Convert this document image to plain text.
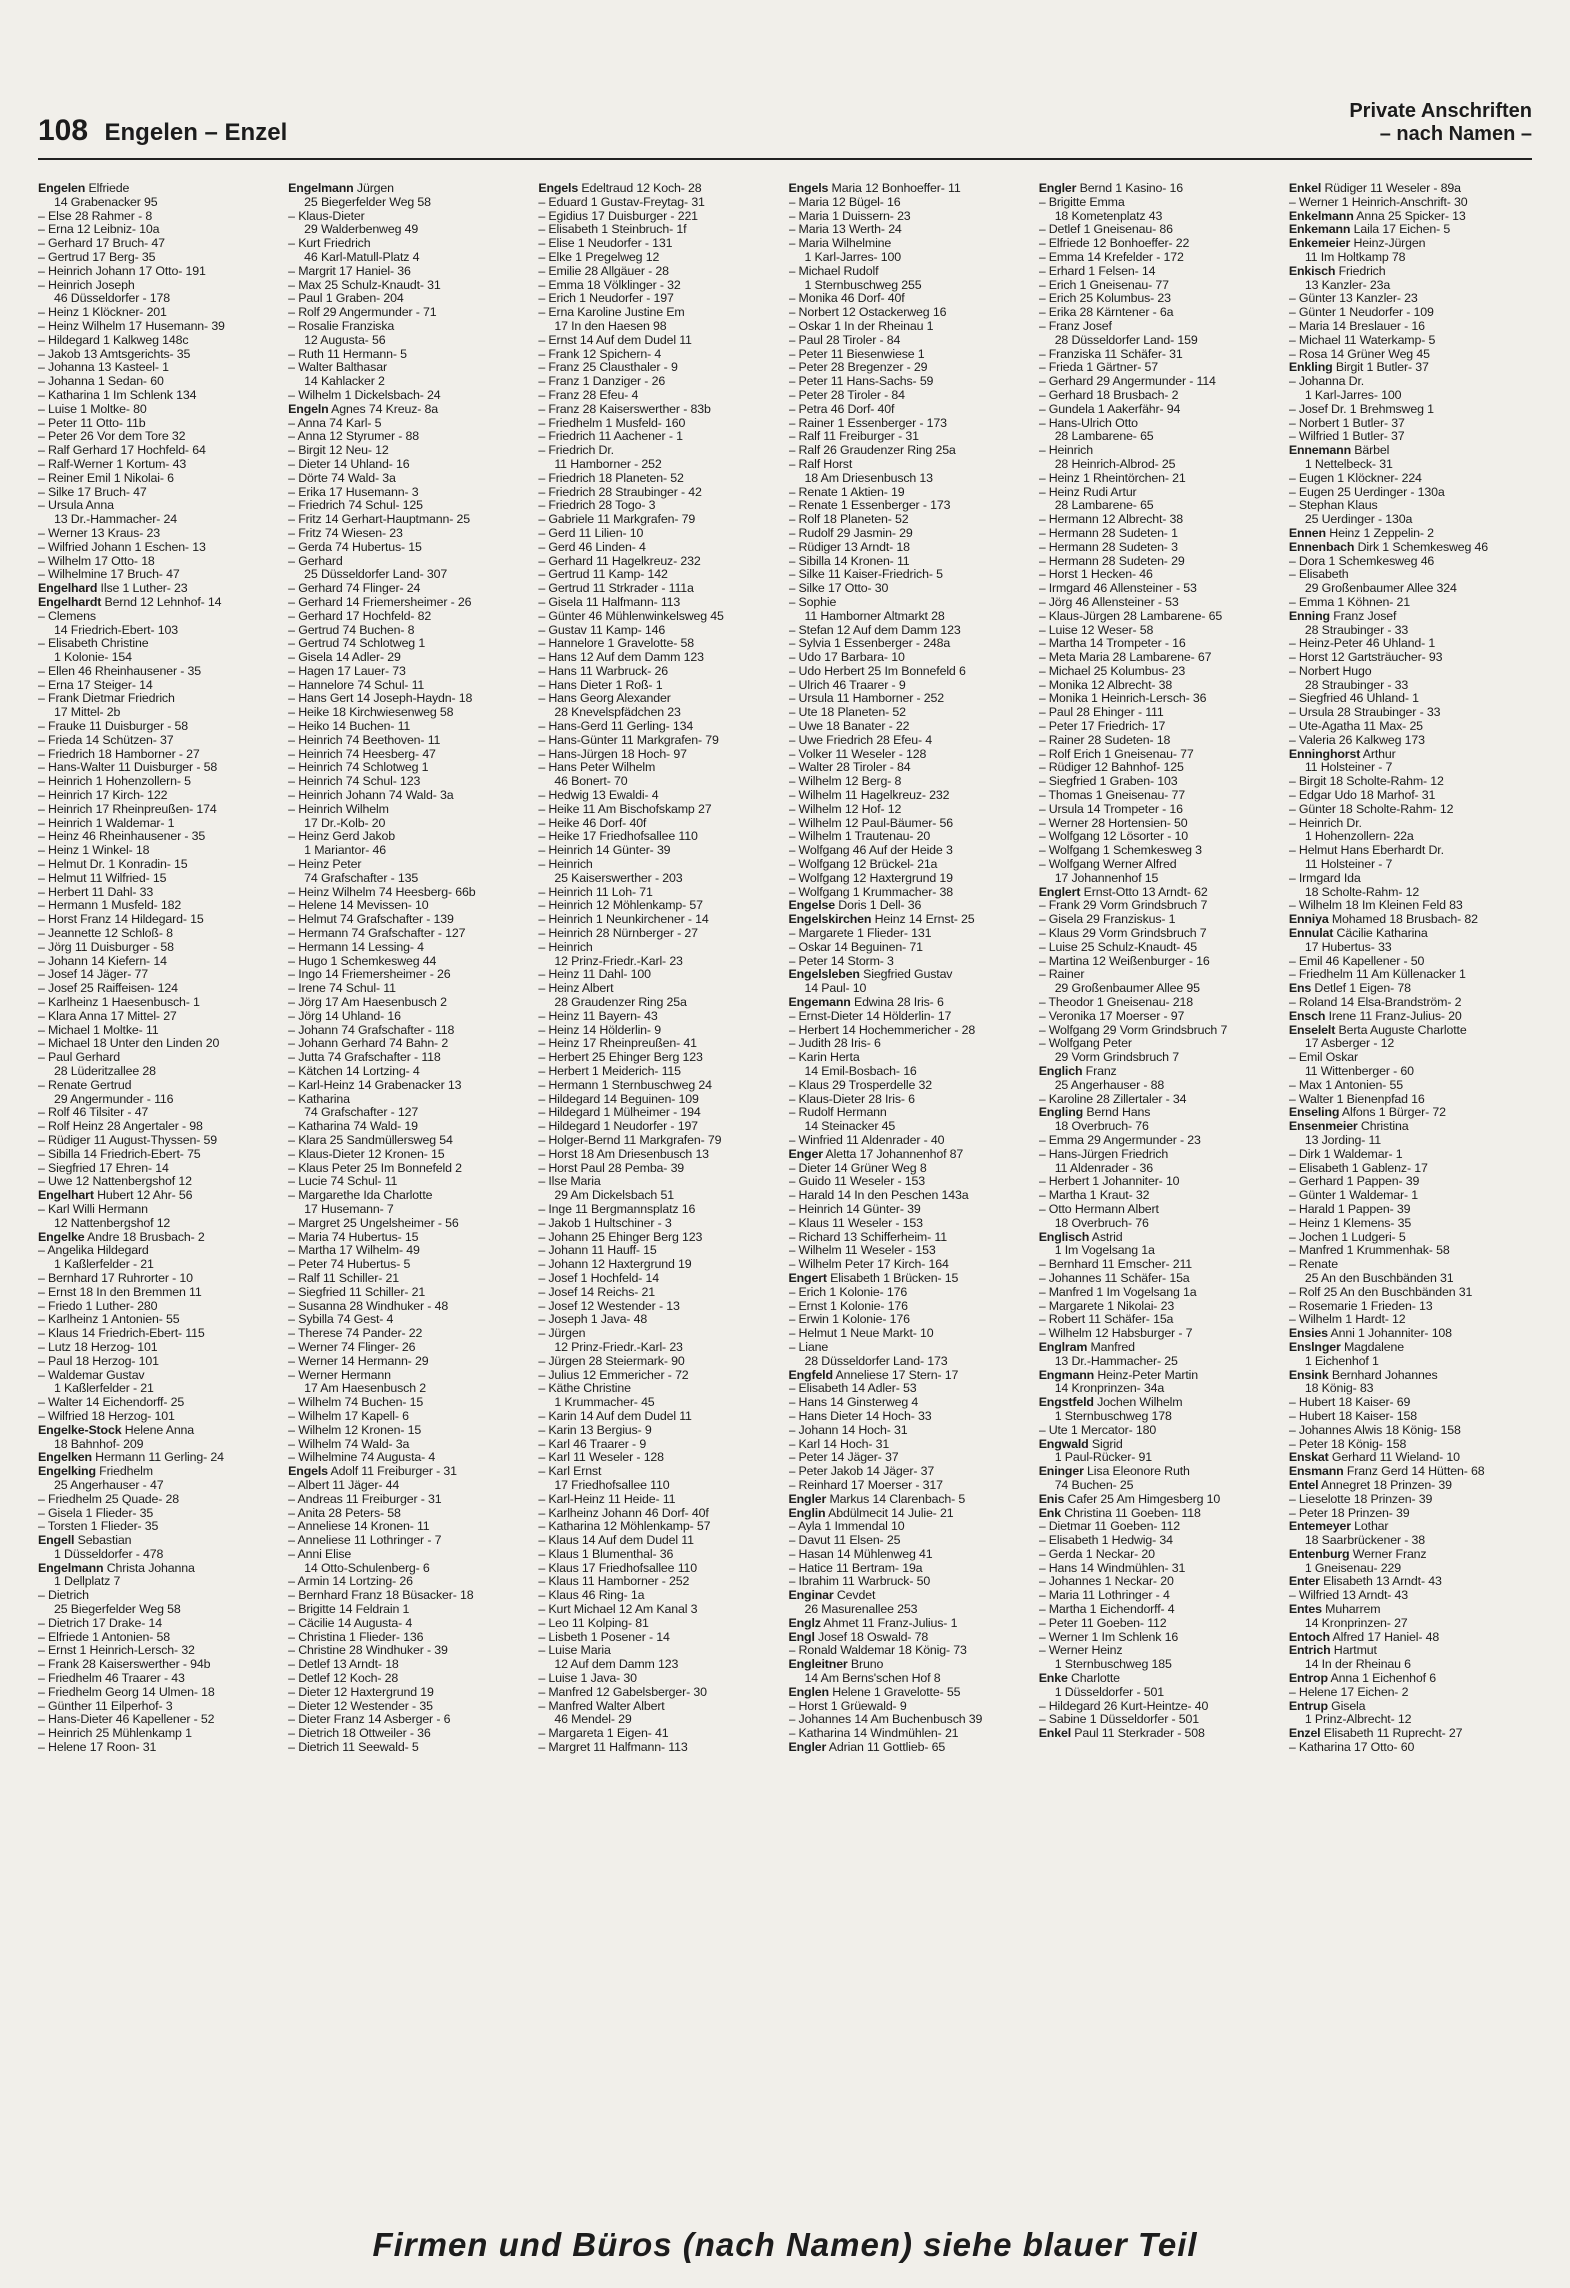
108 Engelen – Enzel
Private Anschriften
– nach Namen –
Engelen Elfriede
14 Grabenacker 95
– Else 28 Rahmer - 8
– Erna 12 Leibniz- 10a
– Gerhard 17 Bruch- 47
– Gertrud 17 Berg- 35
– Heinrich Johann 17 Otto- 191
– Heinrich Joseph
46 Düsseldorfer - 178
– Heinz 1 Klöckner- 201
– Heinz Wilhelm 17 Husemann- 39
– Hildegard 1 Kalkweg 148c
– Jakob 13 Amtsgerichts- 35
– Johanna 13 Kasteel- 1
– Johanna 1 Sedan- 60
– Katharina 1 Im Schlenk 134
– Luise 1 Moltke- 80
– Peter 11 Otto- 11b
– Peter 26 Vor dem Tore 32
– Ralf Gerhard 17 Hochfeld- 64
– Ralf-Werner 1 Kortum- 43
– Reiner Emil 1 Nikolai- 6
– Silke 17 Bruch- 47
– Ursula Anna
13 Dr.-Hammacher- 24
– Werner 13 Kraus- 23
– Wilfried Johann 1 Eschen- 13
– Wilhelm 17 Otto- 18
– Wilhelmine 17 Bruch- 47
Engelhard Ilse 1 Luther- 23
Engelhardt Bernd 12 Lehnhof- 14
– Clemens
14 Friedrich-Ebert- 103
– Elisabeth Christine
1 Kolonie- 154
– Ellen 46 Rheinhausener - 35
– Erna 17 Steiger- 14
– Frank Dietmar Friedrich
17 Mittel- 2b
– Frauke 11 Duisburger - 58
– Frieda 14 Schützen- 37
– Friedrich 18 Hamborner - 27
– Hans-Walter 11 Duisburger - 58
– Heinrich 1 Hohenzollern- 5
– Heinrich 17 Kirch- 122
– Heinrich 17 Rheinpreußen- 174
– Heinrich 1 Waldemar- 1
– Heinz 46 Rheinhausener - 35
– Heinz 1 Winkel- 18
– Helmut Dr. 1 Konradin- 15
– Helmut 11 Wilfried- 15
– Herbert 11 Dahl- 33
– Hermann 1 Musfeld- 182
– Horst Franz 14 Hildegard- 15
– Jeannette 12 Schloß- 8
– Jörg 11 Duisburger - 58
– Johann 14 Kiefern- 14
– Josef 14 Jäger- 77
– Josef 25 Raiffeisen- 124
– Karlheinz 1 Haesenbusch- 1
– Klara Anna 17 Mittel- 27
– Michael 1 Moltke- 11
– Michael 18 Unter den Linden 20
– Paul Gerhard
28 Lüderitzallee 28
– Renate Gertrud
29 Angermunder - 116
– Rolf 46 Tilsiter - 47
– Rolf Heinz 28 Angertaler - 98
– Rüdiger 11 August-Thyssen- 59
– Sibilla 14 Friedrich-Ebert- 75
– Siegfried 17 Ehren- 14
– Uwe 12 Nattenbergshof 12
Engelhart Hubert 12 Ahr- 56
– Karl Willi Hermann
12 Nattenbergshof 12
Engelke Andre 18 Brusbach- 2
– Angelika Hildegard
1 Kaßlerfelder - 21
– Bernhard 17 Ruhrorter - 10
– Ernst 18 In den Bremmen 11
– Friedo 1 Luther- 280
– Karlheinz 1 Antonien- 55
– Klaus 14 Friedrich-Ebert- 115
– Lutz 18 Herzog- 101
– Paul 18 Herzog- 101
– Waldemar Gustav
1 Kaßlerfelder - 21
– Walter 14 Eichendorff- 25
– Wilfried 18 Herzog- 101
Engelke-Stock Helene Anna
18 Bahnhof- 209
Engelken Hermann 11 Gerling- 24
Engelking Friedhelm
25 Angerhauser - 47
– Friedhelm 25 Quade- 28
– Gisela 1 Flieder- 35
– Torsten 1 Flieder- 35
Engell Sebastian
1 Düsseldorfer - 478
Engelmann Christa Johanna
1 Dellplatz 7
– Dietrich
25 Biegerfelder Weg 58
– Dietrich 17 Drake- 14
– Elfriede 1 Antonien- 58
– Ernst 1 Heinrich-Lersch- 32
– Frank 28 Kaiserswerther - 94b
– Friedhelm 46 Traarer - 43
– Friedhelm Georg 14 Ulmen- 18
– Günther 11 Eilperhof- 3
– Hans-Dieter 46 Kapellener - 52
– Heinrich 25 Mühlenkamp 1
– Helene 17 Roon- 31
Engelmann Jürgen
25 Biegerfelder Weg 58
– Klaus-Dieter
29 Walderbenweg 49
– Kurt Friedrich
46 Karl-Matull-Platz 4
– Margrit 17 Haniel- 36
– Max 25 Schulz-Knaudt- 31
– Paul 1 Graben- 204
– Rolf 29 Angermunder - 71
– Rosalie Franziska
12 Augusta- 56
– Ruth 11 Hermann- 5
– Walter Balthasar
14 Kahlacker 2
– Wilhelm 1 Dickelsbach- 24
Engeln Agnes 74 Kreuz- 8a
– Anna 74 Karl- 5
– Anna 12 Styrumer - 88
– Birgit 12 Neu- 12
– Dieter 14 Uhland- 16
– Dörte 74 Wald- 3a
– Erika 17 Husemann- 3
– Friedrich 74 Schul- 125
– Fritz 14 Gerhart-Hauptmann- 25
– Fritz 74 Wiesen- 23
– Gerda 74 Hubertus- 15
– Gerhard
25 Düsseldorfer Land- 307
– Gerhard 74 Flinger- 24
– Gerhard 14 Friemersheimer - 26
– Gerhard 17 Hochfeld- 82
– Gertrud 74 Buchen- 8
– Gertrud 74 Schlotweg 1
– Gisela 14 Adler- 29
– Hagen 17 Lauer- 73
– Hannelore 74 Schul- 11
– Hans Gert 14 Joseph-Haydn- 18
– Heike 18 Kirchwiesenweg 58
– Heiko 14 Buchen- 11
– Heinrich 74 Beethoven- 11
– Heinrich 74 Heesberg- 47
– Heinrich 74 Schlotweg 1
– Heinrich 74 Schul- 123
– Heinrich Johann 74 Wald- 3a
– Heinrich Wilhelm
17 Dr.-Kolb- 20
– Heinz Gerd Jakob
1 Mariantor- 46
– Heinz Peter
74 Grafschafter - 135
– Heinz Wilhelm 74 Heesberg- 66b
– Helene 14 Mevissen- 10
– Helmut 74 Grafschafter - 139
– Hermann 74 Grafschafter - 127
– Hermann 14 Lessing- 4
– Hugo 1 Schemkesweg 44
– Ingo 14 Friemersheimer - 26
– Irene 74 Schul- 11
– Jörg 17 Am Haesenbusch 2
– Jörg 14 Uhland- 16
– Johann 74 Grafschafter - 118
– Johann Gerhard 74 Bahn- 2
– Jutta 74 Grafschafter - 118
– Kätchen 14 Lortzing- 4
– Karl-Heinz 14 Grabenacker 13
– Katharina
74 Grafschafter - 127
– Katharina 74 Wald- 19
– Klara 25 Sandmüllersweg 54
– Klaus-Dieter 12 Kronen- 15
– Klaus Peter 25 Im Bonnefeld 2
– Lucie 74 Schul- 11
– Margarethe Ida Charlotte
17 Husemann- 7
– Margret 25 Ungelsheimer - 56
– Maria 74 Hubertus- 15
– Martha 17 Wilhelm- 49
– Peter 74 Hubertus- 5
– Ralf 11 Schiller- 21
– Siegfried 11 Schiller- 21
– Susanna 28 Windhuker - 48
– Sybilla 74 Gest- 4
– Therese 74 Pander- 22
– Werner 74 Flinger- 26
– Werner 14 Hermann- 29
– Werner Hermann
17 Am Haesenbusch 2
– Wilhelm 74 Buchen- 15
– Wilhelm 17 Kapell- 6
– Wilhelm 12 Kronen- 15
– Wilhelm 74 Wald- 3a
– Wilhelmine 74 Augusta- 4
Engels Adolf 11 Freiburger - 31
– Albert 11 Jäger- 44
– Andreas 11 Freiburger - 31
– Anita 28 Peters- 58
– Anneliese 14 Kronen- 11
– Anneliese 11 Lothringer - 7
– Anni Elise
14 Otto-Schulenberg- 6
– Armin 14 Lortzing- 26
– Bernhard Franz 18 Büsacker- 18
– Brigitte 14 Feldrain 1
– Cäcilie 14 Augusta- 4
– Christina 1 Flieder- 136
– Christine 28 Windhuker - 39
– Detlef 13 Arndt- 18
– Detlef 12 Koch- 28
– Dieter 12 Haxtergrund 19
– Dieter 12 Westender - 35
– Dieter Franz 14 Asberger - 6
– Dietrich 18 Ottweiler - 36
– Dietrich 11 Seewald- 5
Engels Edeltraud 12 Koch- 28
– Eduard 1 Gustav-Freytag- 31
– Egidius 17 Duisburger - 221
– Elisabeth 1 Steinbruch- 1f
– Elise 1 Neudorfer - 131
– Elke 1 Pregelweg 12
– Emilie 28 Allgäuer - 28
– Emma 18 Völklinger - 32
– Erich 1 Neudorfer - 197
– Erna Karoline Justine Em
17 In den Haesen 98
– Ernst 14 Auf dem Dudel 11
– Frank 12 Spichern- 4
– Franz 25 Clausthaler - 9
– Franz 1 Danziger - 26
– Franz 28 Efeu- 4
– Franz 28 Kaiserswerther - 83b
– Friedhelm 1 Musfeld- 160
– Friedrich 11 Aachener - 1
– Friedrich Dr.
11 Hamborner - 252
– Friedrich 18 Planeten- 52
– Friedrich 28 Straubinger - 42
– Friedrich 28 Togo- 3
– Gabriele 11 Markgrafen- 79
– Gerd 11 Lilien- 10
– Gerd 46 Linden- 4
– Gerhard 11 Hagelkreuz- 232
– Gertrud 11 Kamp- 142
– Gertrud 11 Strkrader - 111a
– Gisela 11 Halfmann- 113
– Günter 46 Mühlenwinkelsweg 45
– Gustav 11 Kamp- 146
– Hannelore 1 Gravelotte- 58
– Hans 12 Auf dem Damm 123
– Hans 11 Warbruck- 26
– Hans Dieter 1 Roß- 1
– Hans Georg Alexander
28 Knevelspfädchen 23
– Hans-Gerd 11 Gerling- 134
– Hans-Günter 11 Markgrafen- 79
– Hans-Jürgen 18 Hoch- 97
– Hans Peter Wilhelm
46 Bonert- 70
– Hedwig 13 Ewaldi- 4
– Heike 11 Am Bischofskamp 27
– Heike 46 Dorf- 40f
– Heike 17 Friedhofsallee 110
– Heinrich 14 Günter- 39
– Heinrich
25 Kaiserswerther - 203
– Heinrich 11 Loh- 71
– Heinrich 12 Möhlenkamp- 57
– Heinrich 1 Neunkirchener - 14
– Heinrich 28 Nürnberger - 27
– Heinrich
12 Prinz-Friedr.-Karl- 23
– Heinz 11 Dahl- 100
– Heinz Albert
28 Graudenzer Ring 25a
– Heinz 11 Bayern- 43
– Heinz 14 Hölderlin- 9
– Heinz 17 Rheinpreußen- 41
– Herbert 25 Ehinger Berg 123
– Herbert 1 Meiderich- 115
– Hermann 1 Sternbuschweg 24
– Hildegard 14 Beguinen- 109
– Hildegard 1 Mülheimer - 194
– Hildegard 1 Neudorfer - 197
– Holger-Bernd 11 Markgrafen- 79
– Horst 18 Am Driesenbusch 13
– Horst Paul 28 Pemba- 39
– Ilse Maria
29 Am Dickelsbach 51
– Inge 11 Bergmannsplatz 16
– Jakob 1 Hultschiner - 3
– Johann 25 Ehinger Berg 123
– Johann 11 Hauff- 15
– Johann 12 Haxtergrund 19
– Josef 1 Hochfeld- 14
– Josef 14 Reichs- 21
– Josef 12 Westender - 13
– Joseph 1 Java- 48
– Jürgen
12 Prinz-Friedr.-Karl- 23
– Jürgen 28 Steiermark- 90
– Julius 12 Emmericher - 72
– Käthe Christine
1 Krummacher- 45
– Karin 14 Auf dem Dudel 11
– Karin 13 Bergius- 9
– Karl 46 Traarer - 9
– Karl 11 Weseler - 128
– Karl Ernst
17 Friedhofsallee 110
– Karl-Heinz 11 Heide- 11
– Karlheinz Johann 46 Dorf- 40f
– Katharina 12 Möhlenkamp- 57
– Klaus 14 Auf dem Dudel 11
– Klaus 1 Blumenthal- 36
– Klaus 17 Friedhofsallee 110
– Klaus 11 Hamborner - 252
– Klaus 46 Ring- 1a
– Kurt Michael 12 Am Kanal 3
– Leo 11 Kolping- 81
– Lisbeth 1 Posener - 14
– Luise Maria
12 Auf dem Damm 123
– Luise 1 Java- 30
– Manfred 12 Gabelsberger- 30
– Manfred Walter Albert
46 Mendel- 29
– Margareta 1 Eigen- 41
– Margret 11 Halfmann- 113
Engels Maria 12 Bonhoeffer- 11
– Maria 12 Bügel- 16
– Maria 1 Duissern- 23
– Maria 13 Werth- 24
– Maria Wilhelmine
1 Karl-Jarres- 100
– Michael Rudolf
1 Sternbuschweg 255
– Monika 46 Dorf- 40f
– Norbert 12 Ostackerweg 16
– Oskar 1 In der Rheinau 1
– Paul 28 Tiroler - 84
– Peter 11 Biesenwiese 1
– Peter 28 Bregenzer - 29
– Peter 11 Hans-Sachs- 59
– Peter 28 Tiroler - 84
– Petra 46 Dorf- 40f
– Rainer 1 Essenberger - 173
– Ralf 11 Freiburger - 31
– Ralf 26 Graudenzer Ring 25a
– Ralf Horst
18 Am Driesenbusch 13
– Renate 1 Aktien- 19
– Renate 1 Essenberger - 173
– Rolf 18 Planeten- 52
– Rudolf 29 Jasmin- 29
– Rüdiger 13 Arndt- 18
– Sibilla 14 Kronen- 11
– Silke 11 Kaiser-Friedrich- 5
– Silke 17 Otto- 30
– Sophie
11 Hamborner Altmarkt 28
– Stefan 12 Auf dem Damm 123
– Sylvia 1 Essenberger - 248a
– Udo 17 Barbara- 10
– Udo Herbert 25 Im Bonnefeld 6
– Ulrich 46 Traarer - 9
– Ursula 11 Hamborner - 252
– Ute 18 Planeten- 52
– Uwe 18 Banater - 22
– Uwe Friedrich 28 Efeu- 4
– Volker 11 Weseler - 128
– Walter 28 Tiroler - 84
– Wilhelm 12 Berg- 8
– Wilhelm 11 Hagelkreuz- 232
– Wilhelm 12 Hof- 12
– Wilhelm 12 Paul-Bäumer- 56
– Wilhelm 1 Trautenau- 20
– Wolfgang 46 Auf der Heide 3
– Wolfgang 12 Brückel- 21a
– Wolfgang 12 Haxtergrund 19
– Wolfgang 1 Krummacher- 38
Engelse Doris 1 Dell- 36
Engelskirchen Heinz 14 Ernst- 25
– Margarete 1 Flieder- 131
– Oskar 14 Beguinen- 71
– Peter 14 Storm- 3
Engelsleben Siegfried Gustav
14 Paul- 10
Engemann Edwina 28 Iris- 6
– Ernst-Dieter 14 Hölderlin- 17
– Herbert 14 Hochemmericher - 28
– Judith 28 Iris- 6
– Karin Herta
14 Emil-Bosbach- 16
– Klaus 29 Trosperdelle 32
– Klaus-Dieter 28 Iris- 6
– Rudolf Hermann
14 Steinacker 45
– Winfried 11 Aldenrader - 40
Enger Aletta 17 Johannenhof 87
– Dieter 14 Grüner Weg 8
– Guido 11 Weseler - 153
– Harald 14 In den Peschen 143a
– Heinrich 14 Günter- 39
– Klaus 11 Weseler - 153
– Richard 13 Schifferheim- 11
– Wilhelm 11 Weseler - 153
– Wilhelm Peter 17 Kirch- 164
Engert Elisabeth 1 Brücken- 15
– Erich 1 Kolonie- 176
– Ernst 1 Kolonie- 176
– Erwin 1 Kolonie- 176
– Helmut 1 Neue Markt- 10
– Liane
28 Düsseldorfer Land- 173
Engfeld Anneliese 17 Stern- 17
– Elisabeth 14 Adler- 53
– Hans 14 Ginsterweg 4
– Hans Dieter 14 Hoch- 33
– Johann 14 Hoch- 31
– Karl 14 Hoch- 31
– Peter 14 Jäger- 37
– Peter Jakob 14 Jäger- 37
– Reinhard 17 Moerser - 317
Engler Markus 14 Clarenbach- 5
Englin Abdülmecit 14 Julie- 21
– Ayla 1 Immendal 10
– Davut 11 Elsen- 25
– Hasan 14 Mühlenweg 41
– Hatice 11 Bertram- 19a
– Ibrahim 11 Warbruck- 50
Enginar Cevdet
26 Masurenallee 253
Englz Ahmet 11 Franz-Julius- 1
Engl Josef 18 Oswald- 78
– Ronald Waldemar 18 König- 73
Engleitner Bruno
14 Am Berns'schen Hof 8
Englen Helene 1 Gravelotte- 55
– Horst 1 Grüewald- 9
– Johannes 14 Am Buchenbusch 39
– Katharina 14 Windmühlen- 21
Engler Adrian 11 Gottlieb- 65
Engler Bernd 1 Kasino- 16
– Brigitte Emma
18 Kometenplatz 43
– Detlef 1 Gneisenau- 86
– Elfriede 12 Bonhoeffer- 22
– Emma 14 Krefelder - 172
– Erhard 1 Felsen- 14
– Erich 1 Gneisenau- 77
– Erich 25 Kolumbus- 23
– Erika 28 Kärntener - 6a
– Franz Josef
28 Düsseldorfer Land- 159
– Franziska 11 Schäfer- 31
– Frieda 1 Gärtner- 57
– Gerhard 29 Angermunder - 114
– Gerhard 18 Brusbach- 2
– Gundela 1 Aakerfähr- 94
– Hans-Ulrich Otto
28 Lambarene- 65
– Heinrich
28 Heinrich-Albrod- 25
– Heinz 1 Rheintörchen- 21
– Heinz Rudi Artur
28 Lambarene- 65
– Hermann 12 Albrecht- 38
– Hermann 28 Sudeten- 1
– Hermann 28 Sudeten- 3
– Hermann 28 Sudeten- 29
– Horst 1 Hecken- 46
– Irmgard 46 Allensteiner - 53
– Jörg 46 Allensteiner - 53
– Klaus-Jürgen 28 Lambarene- 65
– Luise 12 Weser- 58
– Martha 14 Trompeter - 16
– Meta Maria 28 Lambarene- 67
– Michael 25 Kolumbus- 23
– Monika 12 Albrecht- 38
– Monika 1 Heinrich-Lersch- 36
– Paul 28 Ehinger - 111
– Peter 17 Friedrich- 17
– Rainer 28 Sudeten- 18
– Rolf Erich 1 Gneisenau- 77
– Rüdiger 12 Bahnhof- 125
– Siegfried 1 Graben- 103
– Thomas 1 Gneisenau- 77
– Ursula 14 Trompeter - 16
– Werner 28 Hortensien- 50
– Wolfgang 12 Lösorter - 10
– Wolfgang 1 Schemkesweg 3
– Wolfgang Werner Alfred
17 Johannenhof 15
Englert Ernst-Otto 13 Arndt- 62
– Frank 29 Vorm Grindsbruch 7
– Gisela 29 Franziskus- 1
– Klaus 29 Vorm Grindsbruch 7
– Luise 25 Schulz-Knaudt- 45
– Martina 12 Weißenburger - 16
– Rainer
29 Großenbaumer Allee 95
– Theodor 1 Gneisenau- 218
– Veronika 17 Moerser - 97
– Wolfgang 29 Vorm Grindsbruch 7
– Wolfgang Peter
29 Vorm Grindsbruch 7
Englich Franz
25 Angerhauser - 88
– Karoline 28 Zillertaler - 34
Engling Bernd Hans
18 Overbruch- 76
– Emma 29 Angermunder - 23
– Hans-Jürgen Friedrich
11 Aldenrader - 36
– Herbert 1 Johanniter- 10
– Martha 1 Kraut- 32
– Otto Hermann Albert
18 Overbruch- 76
Englisch Astrid
1 Im Vogelsang 1a
– Bernhard 11 Emscher- 211
– Johannes 11 Schäfer- 15a
– Manfred 1 Im Vogelsang 1a
– Margarete 1 Nikolai- 23
– Robert 11 Schäfer- 15a
– Wilhelm 12 Habsburger - 7
Englram Manfred
13 Dr.-Hammacher- 25
Engmann Heinz-Peter Martin
14 Kronprinzen- 34a
Engstfeld Jochen Wilhelm
1 Sternbuschweg 178
– Ute 1 Mercator- 180
Engwald Sigrid
1 Paul-Rücker- 91
Eninger Lisa Eleonore Ruth
74 Buchen- 25
Enis Cafer 25 Am Himgesberg 10
Enk Christina 11 Goeben- 118
– Dietmar 11 Goeben- 112
– Elisabeth 1 Hedwig- 34
– Gerda 1 Neckar- 20
– Hans 14 Windmühlen- 31
– Johannes 1 Neckar- 20
– Maria 11 Lothringer - 4
– Martha 1 Eichendorff- 4
– Peter 11 Goeben- 112
– Werner 1 Im Schlenk 16
– Werner Heinz
1 Sternbuschweg 185
Enke Charlotte
1 Düsseldorfer - 501
– Hildegard 26 Kurt-Heintze- 40
– Sabine 1 Düsseldorfer - 501
Enkel Paul 11 Sterkrader - 508
Enkel Rüdiger 11 Weseler - 89a
– Werner 1 Heinrich-Anschrift- 30
Enkelmann Anna 25 Spicker- 13
Enkemann Laila 17 Eichen- 5
Enkemeier Heinz-Jürgen
11 Im Holtkamp 78
Enkisch Friedrich
13 Kanzler- 23a
– Günter 13 Kanzler- 23
– Günter 1 Neudorfer - 109
– Maria 14 Breslauer - 16
– Michael 11 Waterkamp- 5
– Rosa 14 Grüner Weg 45
Enkling Birgit 1 Butler- 37
– Johanna Dr.
1 Karl-Jarres- 100
– Josef Dr. 1 Brehmsweg 1
– Norbert 1 Butler- 37
– Wilfried 1 Butler- 37
Ennemann Bärbel
1 Nettelbeck- 31
– Eugen 1 Klöckner- 224
– Eugen 25 Uerdinger - 130a
– Stephan Klaus
25 Uerdinger - 130a
Ennen Heinz 1 Zeppelin- 2
Ennenbach Dirk 1 Schemkesweg 46
– Dora 1 Schemkesweg 46
– Elisabeth
29 Großenbaumer Allee 324
– Emma 1 Köhnen- 21
Enning Franz Josef
28 Straubinger - 33
– Heinz-Peter 46 Uhland- 1
– Horst 12 Gartsträucher- 93
– Norbert Hugo
28 Straubinger - 33
– Siegfried 46 Uhland- 1
– Ursula 28 Straubinger - 33
– Ute-Agatha 11 Max- 25
– Valeria 26 Kalkweg 173
Enninghorst Arthur
11 Holsteiner - 7
– Birgit 18 Scholte-Rahm- 12
– Edgar Udo 18 Marhof- 31
– Günter 18 Scholte-Rahm- 12
– Heinrich Dr.
1 Hohenzollern- 22a
– Helmut Hans Eberhardt Dr.
11 Holsteiner - 7
– Irmgard Ida
18 Scholte-Rahm- 12
– Wilhelm 18 Im Kleinen Feld 83
Enniya Mohamed 18 Brusbach- 82
Ennulat Cäcilie Katharina
17 Hubertus- 33
– Emil 46 Kapellener - 50
– Friedhelm 11 Am Küllenacker 1
Ens Detlef 1 Eigen- 78
– Roland 14 Elsa-Brandström- 2
Ensch Irene 11 Franz-Julius- 20
Enselelt Berta Auguste Charlotte
17 Asberger - 12
– Emil Oskar
11 Wittenberger - 60
– Max 1 Antonien- 55
– Walter 1 Bienenpfad 16
Enseling Alfons 1 Bürger- 72
Ensenmeier Christina
13 Jording- 11
– Dirk 1 Waldemar- 1
– Elisabeth 1 Gablenz- 17
– Gerhard 1 Pappen- 39
– Günter 1 Waldemar- 1
– Harald 1 Pappen- 39
– Heinz 1 Klemens- 35
– Jochen 1 Ludgeri- 5
– Manfred 1 Krummenhak- 58
– Renate
25 An den Buschbänden 31
– Rolf 25 An den Buschbänden 31
– Rosemarie 1 Frieden- 13
– Wilhelm 1 Hardt- 12
Ensies Anni 1 Johanniter- 108
Enslnger Magdalene
1 Eichenhof 1
Ensink Bernhard Johannes
18 König- 83
– Hubert 18 Kaiser- 69
– Hubert 18 Kaiser- 158
– Johannes Alwis 18 König- 158
– Peter 18 König- 158
Enskat Gerhard 11 Wieland- 10
Ensmann Franz Gerd 14 Hütten- 68
Entel Annegret 18 Prinzen- 39
– Lieselotte 18 Prinzen- 39
– Peter 18 Prinzen- 39
Entemeyer Lothar
18 Saarbrückener - 38
Entenburg Werner Franz
1 Gneisenau- 229
Enter Elisabeth 13 Arndt- 43
– Wilfried 13 Arndt- 43
Entes Muharrem
14 Kronprinzen- 27
Entoch Alfred 17 Haniel- 48
Entrich Hartmut
14 In der Rheinau 6
Entrop Anna 1 Eichenhof 6
– Helene 17 Eichen- 2
Entrup Gisela
1 Prinz-Albrecht- 12
Enzel Elisabeth 11 Ruprecht- 27
– Katharina 17 Otto- 60
Firmen und Büros (nach Namen) siehe blauer Teil
